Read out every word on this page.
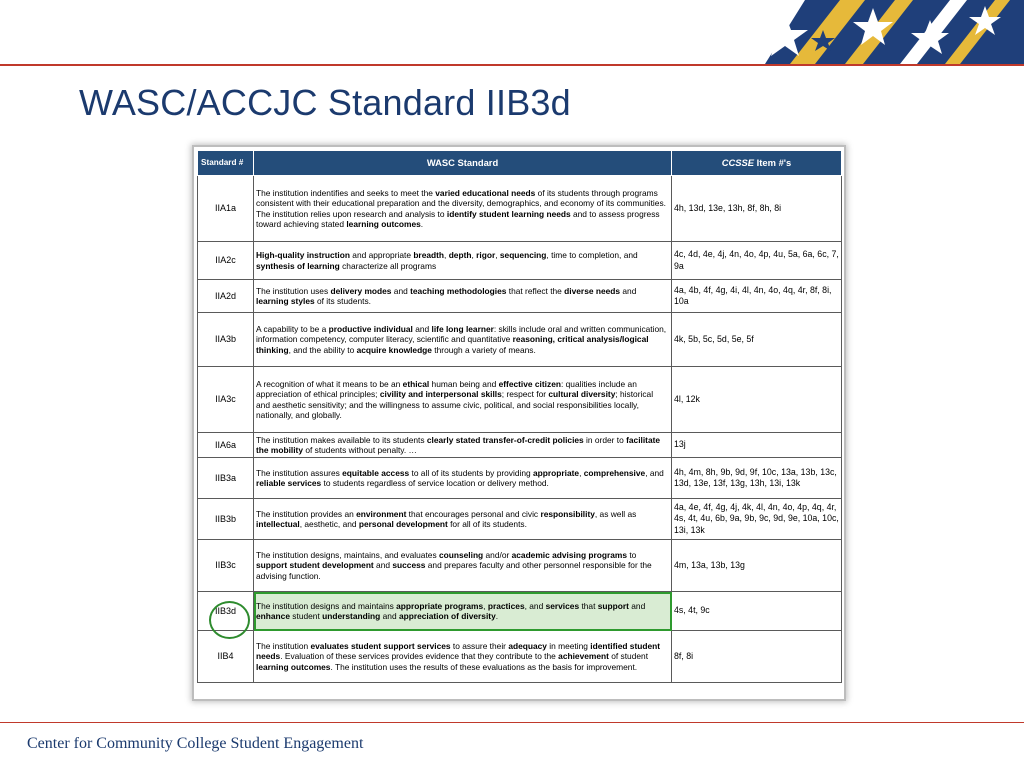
WASC/ACCJC Standard IIB3d
Standard #	WASC Standard	CCSSE Item #'s
IIA1a	The institution indentifies and seeks to meet the varied educational needs of its students through programs consistent with their educational preparation and the diversity, demographics, and economy of its communities. The institution relies upon research and analysis to identify student learning needs and to assess progress toward achieving stated learning outcomes.	4h, 13d, 13e, 13h, 8f, 8h, 8i
IIA2c	High-quality instruction and appropriate breadth, depth, rigor, sequencing, time to completion, and synthesis of learning characterize all programs	4c, 4d, 4e, 4j, 4n, 4o, 4p, 4u, 5a, 6a, 6c, 7, 9a
IIA2d	The institution uses delivery modes and teaching methodologies that reflect the diverse needs and learning styles of its students.	4a, 4b, 4f, 4g, 4i, 4l, 4n, 4o, 4q, 4r, 8f, 8i, 10a
IIA3b	A capability to be a productive individual and life long learner: skills include oral and written communication, information competency, computer literacy, scientific and quantitative reasoning, critical analysis/logical thinking, and the ability to acquire knowledge through a variety of means.	4k, 5b, 5c, 5d, 5e, 5f
IIA3c	A recognition of what it means to be an ethical human being and effective citizen: qualities include an appreciation of ethical principles; civility and interpersonal skills; respect for cultural diversity; historical and aesthetic sensitivity; and the willingness to assume civic, political, and social responsibilities locally, nationally, and globally.	4l, 12k
IIA6a	The institution makes available to its students clearly stated transfer-of-credit policies in order to facilitate the mobility of students without penalty. …	13j
IIB3a	The institution assures equitable access to all of its students by providing appropriate, comprehensive, and reliable services to students regardless of service location or delivery method.	4h, 4m, 8h, 9b, 9d, 9f, 10c, 13a, 13b, 13c, 13d, 13e, 13f, 13g, 13h, 13i, 13k
IIB3b	The institution provides an environment that encourages personal and civic responsibility, as well as intellectual, aesthetic, and personal development for all of its students.	4a, 4e, 4f, 4g, 4j, 4k, 4l, 4n, 4o, 4p, 4q, 4r, 4s, 4t, 4u, 6b, 9a, 9b, 9c, 9d, 9e, 10a, 10c, 13i, 13k
IIB3c	The institution designs, maintains, and evaluates counseling and/or academic advising programs to support student development and success and prepares faculty and other personnel responsible for the advising function.	4m, 13a, 13b, 13g
IIB3d	The institution designs and maintains appropriate programs, practices, and services that support and enhance student understanding and appreciation of diversity.	4s, 4t, 9c
IIB4	The institution evaluates student support services to assure their adequacy in meeting identified student needs. Evaluation of these services provides evidence that they contribute to the achievement of student learning outcomes. The institution uses the results of these evaluations as the basis for improvement.	8f, 8i
Center for Community College Student Engagement
